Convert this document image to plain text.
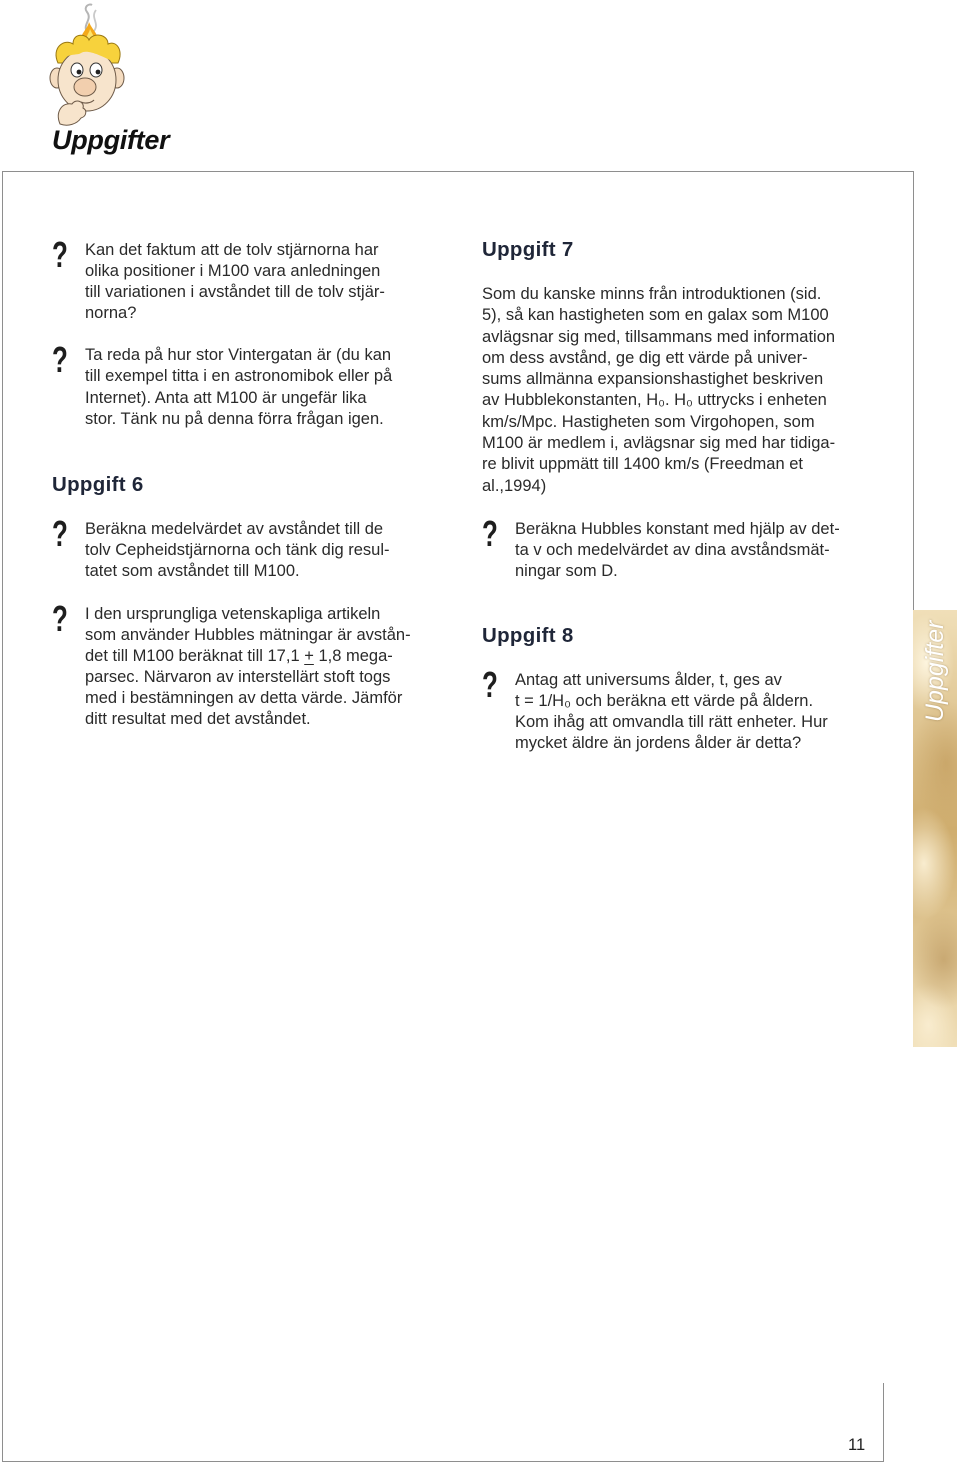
Uppgifter
? Kan det faktum att de tolv stjärnorna har
olika positioner i M100 vara anledningen
till variationen i avståndet till de tolv stjär-
norna?
? Ta reda på hur stor Vintergatan är (du kan
till exempel titta i en astronomibok eller på
Internet). Anta att M100 är ungefär lika
stor. Tänk nu på denna förra frågan igen.
Uppgift 6
? Beräkna medelvärdet av avståndet till de
tolv Cepheidstjärnorna och tänk dig resul-
tatet som avståndet till M100.
? I den ursprungliga vetenskapliga artikeln
som använder Hubbles mätningar är avstån-
det till M100 beräknat till 17,1 + 1,8 mega-
parsec. Närvaron av interstellärt stoft togs
med i bestämningen av detta värde. Jämför
ditt resultat med det avståndet.
Uppgift 7
Som du kanske minns från introduktionen (sid.
5), så kan hastigheten som en galax som M100
avlägsnar sig med, tillsammans med information
om dess avstånd, ge dig ett värde på univer-
sums allmänna expansionshastighet beskriven
av Hubblekonstanten, H₀. H₀ uttrycks i enheten
km/s/Mpc. Hastigheten som Virgohopen, som
M100 är medlem i, avlägsnar sig med har tidiga-
re blivit uppmätt till 1400 km/s (Freedman et
al.,1994)
? Beräkna Hubbles konstant med hjälp av det-
ta v och medelvärdet av dina avståndsmät-
ningar som D.
Uppgift 8
? Antag att universums ålder, t, ges av
t = 1/H₀ och beräkna ett värde på åldern.
Kom ihåg att omvandla till rätt enheter. Hur
mycket äldre än jordens ålder är detta?
Uppgifter
11
